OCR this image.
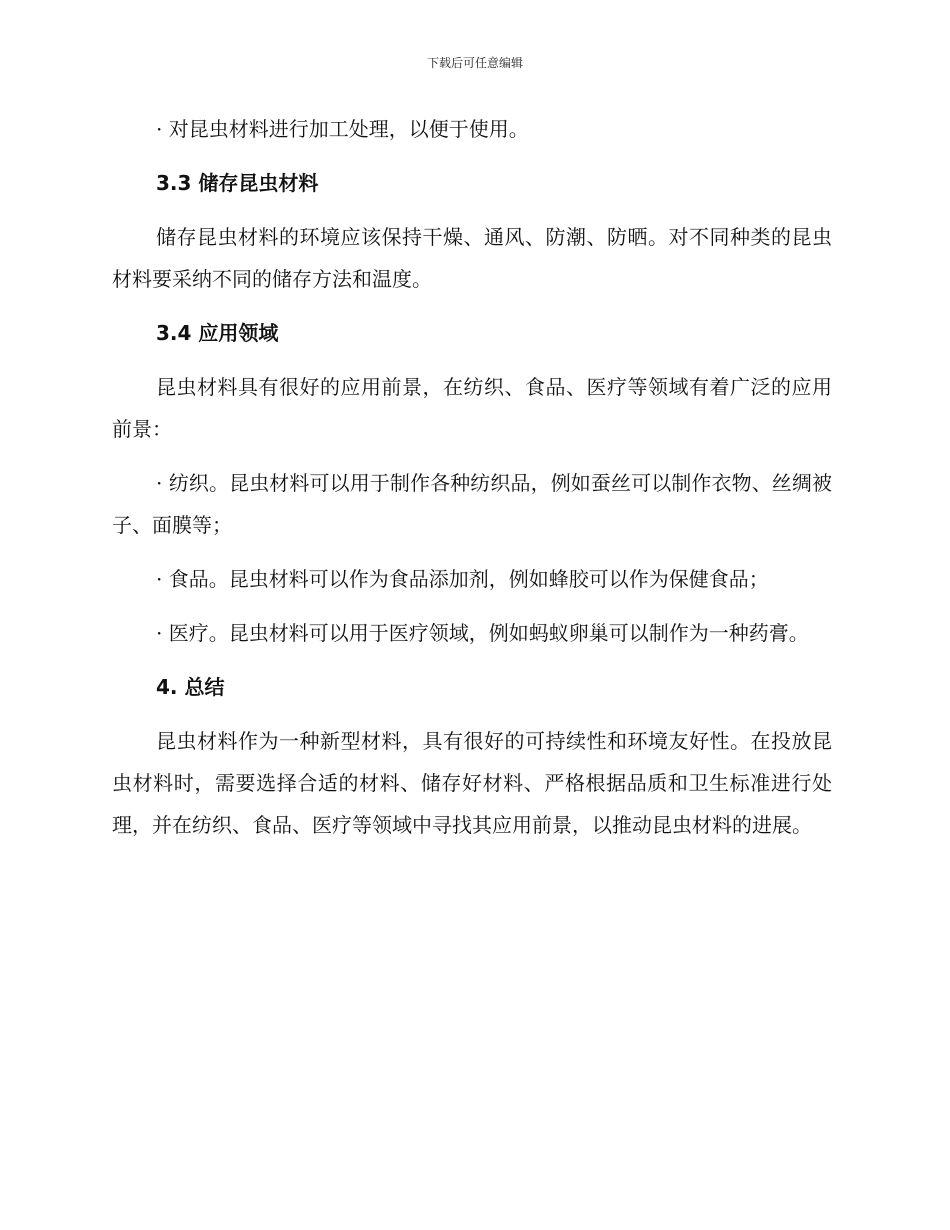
下载后可任意编辑

· 对昆虫材料进行加工处理，以便于使用。

3.3 储存昆虫材料

储存昆虫材料的环境应该保持干燥、通风、防潮、防晒。对不同种类的昆虫材料要采纳不同的储存方法和温度。

3.4 应用领域

昆虫材料具有很好的应用前景，在纺织、食品、医疗等领域有着广泛的应用前景：

· 纺织。昆虫材料可以用于制作各种纺织品，例如蚕丝可以制作衣物、丝绸被子、面膜等；

· 食品。昆虫材料可以作为食品添加剂，例如蜂胶可以作为保健食品；

· 医疗。昆虫材料可以用于医疗领域，例如蚂蚁卵巢可以制作为一种药膏。

4. 总结

昆虫材料作为一种新型材料，具有很好的可持续性和环境友好性。在投放昆虫材料时，需要选择合适的材料、储存好材料、严格根据品质和卫生标准进行处理，并在纺织、食品、医疗等领域中寻找其应用前景，以推动昆虫材料的进展。
